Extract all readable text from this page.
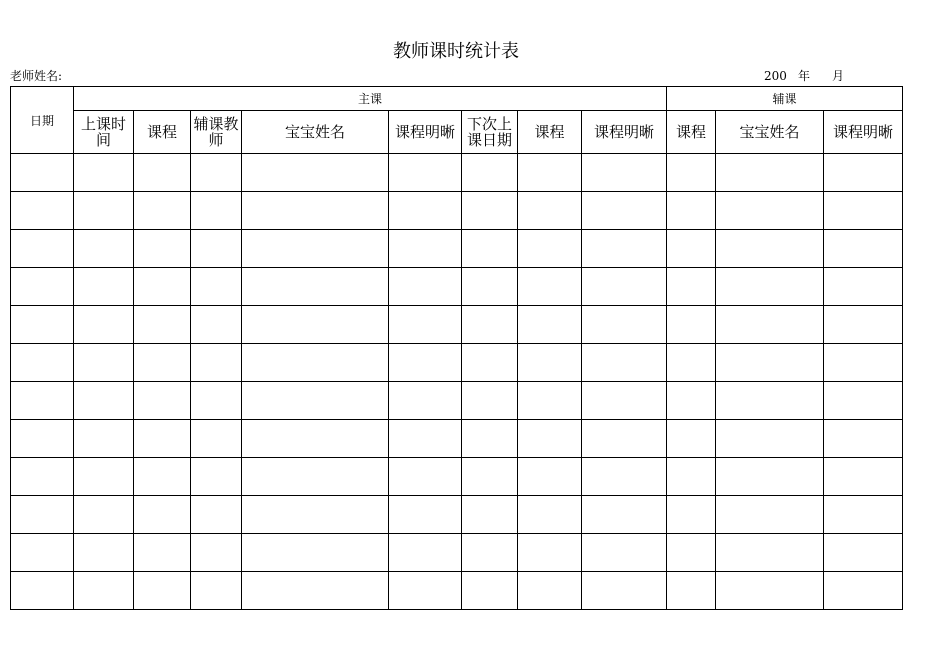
教师课时统计表
老师姓名:	200 年 月
日期	主课								辅课		

	上课时间	课程	辅课教师	宝宝姓名	课程明晰	下次上课日期	课程	课程明晰	课程	宝宝姓名	课程明晰
